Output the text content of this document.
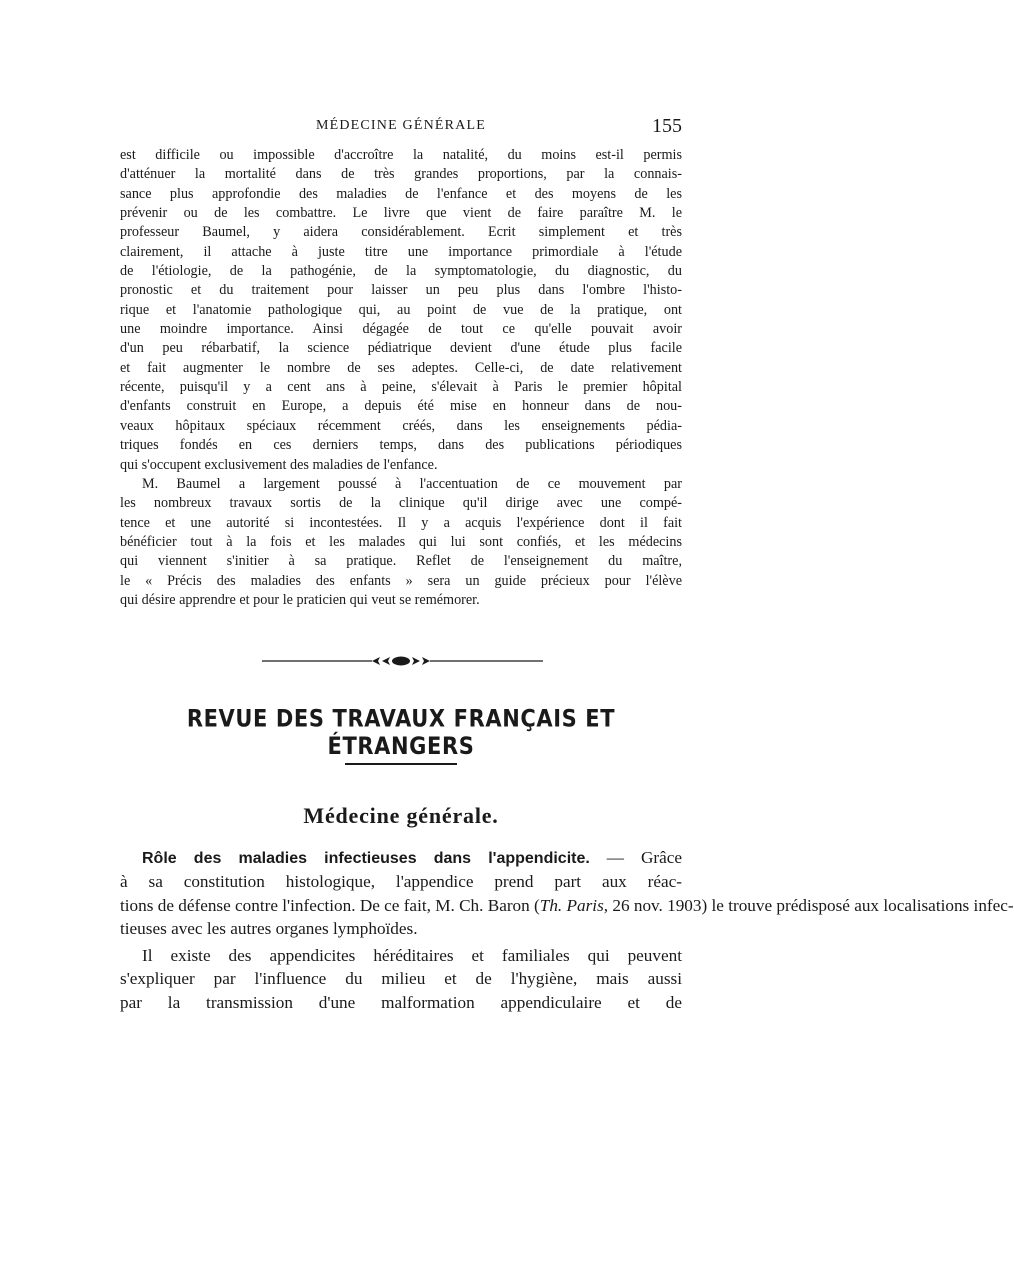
MÉDECINE GÉNÉRALE	155

est difficile ou impossible d'accroître la natalité, du moins est-il permis
d'atténuer la mortalité dans de très grandes proportions, par la connais-
sance plus approfondie des maladies de l'enfance et des moyens de les
prévenir ou de les combattre. Le livre que vient de faire paraître M. le
professeur Baumel, y aidera considérablement. Ecrit simplement et très
clairement, il attache à juste titre une importance primordiale à l'étude
de l'étiologie, de la pathogénie, de la symptomatologie, du diagnostic, du
pronostic et du traitement pour laisser un peu plus dans l'ombre l'histo-
rique et l'anatomie pathologique qui, au point de vue de la pratique, ont
une moindre importance. Ainsi dégagée de tout ce qu'elle pouvait avoir
d'un peu rébarbatif, la science pédiatrique devient d'une étude plus facile
et fait augmenter le nombre de ses adeptes. Celle-ci, de date relativement
récente, puisqu'il y a cent ans à peine, s'élevait à Paris le premier hôpital
d'enfants construit en Europe, a depuis été mise en honneur dans de nou-
veaux hôpitaux spéciaux récemment créés, dans les enseignements pédia-
triques fondés en ces derniers temps, dans des publications périodiques
qui s'occupent exclusivement des maladies de l'enfance.

M. Baumel a largement poussé à l'accentuation de ce mouvement par
les nombreux travaux sortis de la clinique qu'il dirige avec une compé-
tence et une autorité si incontestées. Il y a acquis l'expérience dont il fait
bénéficier tout à la fois et les malades qui lui sont confiés, et les médecins
qui viennent s'initier à sa pratique. Reflet de l'enseignement du maître,
le « Précis des maladies des enfants » sera un guide précieux pour l'élève
qui désire apprendre et pour le praticien qui veut se remémorer.

REVUE DES TRAVAUX FRANÇAIS ET ÉTRANGERS
Médecine générale.

Rôle des maladies infectieuses dans l'appendicite. — Grâce
à sa constitution histologique, l'appendice prend part aux réac-
tions de défense contre l'infection. De ce fait, M. Ch. Baron (Th. Paris, 26 nov. 1903) le trouve prédisposé aux localisations infec-
tieuses avec les autres organes lymphoïdes.

Il existe des appendicites héréditaires et familiales qui peuvent
s'expliquer par l'influence du milieu et de l'hygiène, mais aussi
par la transmission d'une malformation appendiculaire et de
